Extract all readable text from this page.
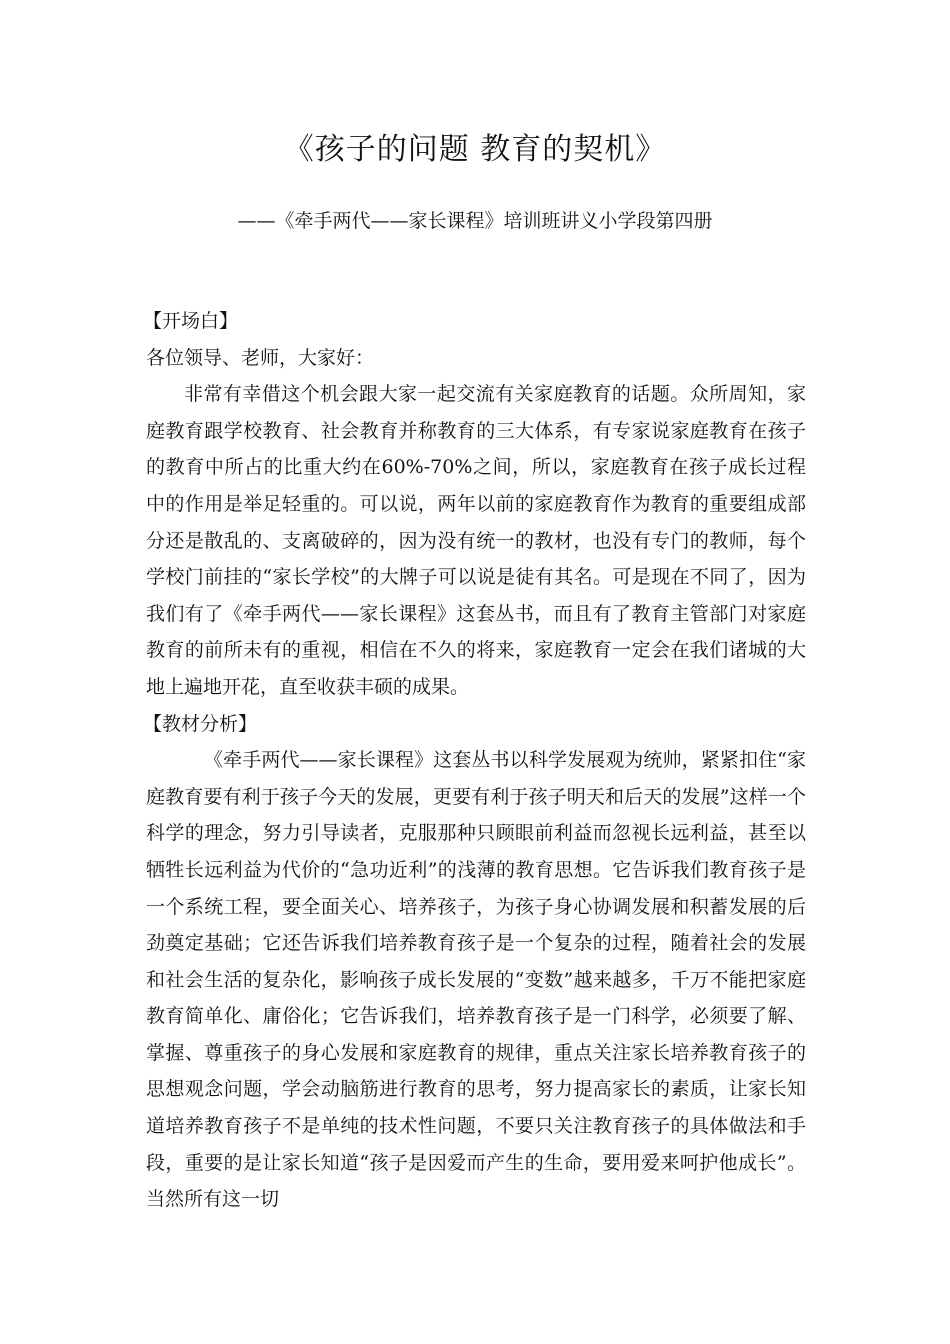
《孩子的问题 教育的契机》

——《牵手两代——家长课程》培训班讲义小学段第四册

【开场白】

各位领导、老师，大家好：

非常有幸借这个机会跟大家一起交流有关家庭教育的话题。众所周知，家庭教育跟学校教育、社会教育并称教育的三大体系，有专家说家庭教育在孩子的教育中所占的比重大约在60%-70%之间，所以，家庭教育在孩子成长过程中的作用是举足轻重的。可以说，两年以前的家庭教育作为教育的重要组成部分还是散乱的、支离破碎的，因为没有统一的教材，也没有专门的教师，每个学校门前挂的“家长学校”的大牌子可以说是徒有其名。可是现在不同了，因为我们有了《牵手两代——家长课程》这套丛书，而且有了教育主管部门对家庭教育的前所未有的重视，相信在不久的将来，家庭教育一定会在我们诸城的大地上遍地开花，直至收获丰硕的成果。

【教材分析】

《牵手两代——家长课程》这套丛书以科学发展观为统帅，紧紧扣住“家庭教育要有利于孩子今天的发展，更要有利于孩子明天和后天的发展”这样一个科学的理念，努力引导读者，克服那种只顾眼前利益而忽视长远利益，甚至以牺牲长远利益为代价的“急功近利”的浅薄的教育思想。它告诉我们教育孩子是一个系统工程，要全面关心、培养孩子，为孩子身心协调发展和积蓄发展的后劲奠定基础；它还告诉我们培养教育孩子是一个复杂的过程，随着社会的发展和社会生活的复杂化，影响孩子成长发展的“变数”越来越多，千万不能把家庭教育简单化、庸俗化；它告诉我们，培养教育孩子是一门科学，必须要了解、掌握、尊重孩子的身心发展和家庭教育的规律，重点关注家长培养教育孩子的思想观念问题，学会动脑筋进行教育的思考，努力提高家长的素质，让家长知道培养教育孩子不是单纯的技术性问题，不要只关注教育孩子的具体做法和手段，重要的是让家长知道“孩子是因爱而产生的生命，要用爱来呵护他成长”。当然所有这一切
